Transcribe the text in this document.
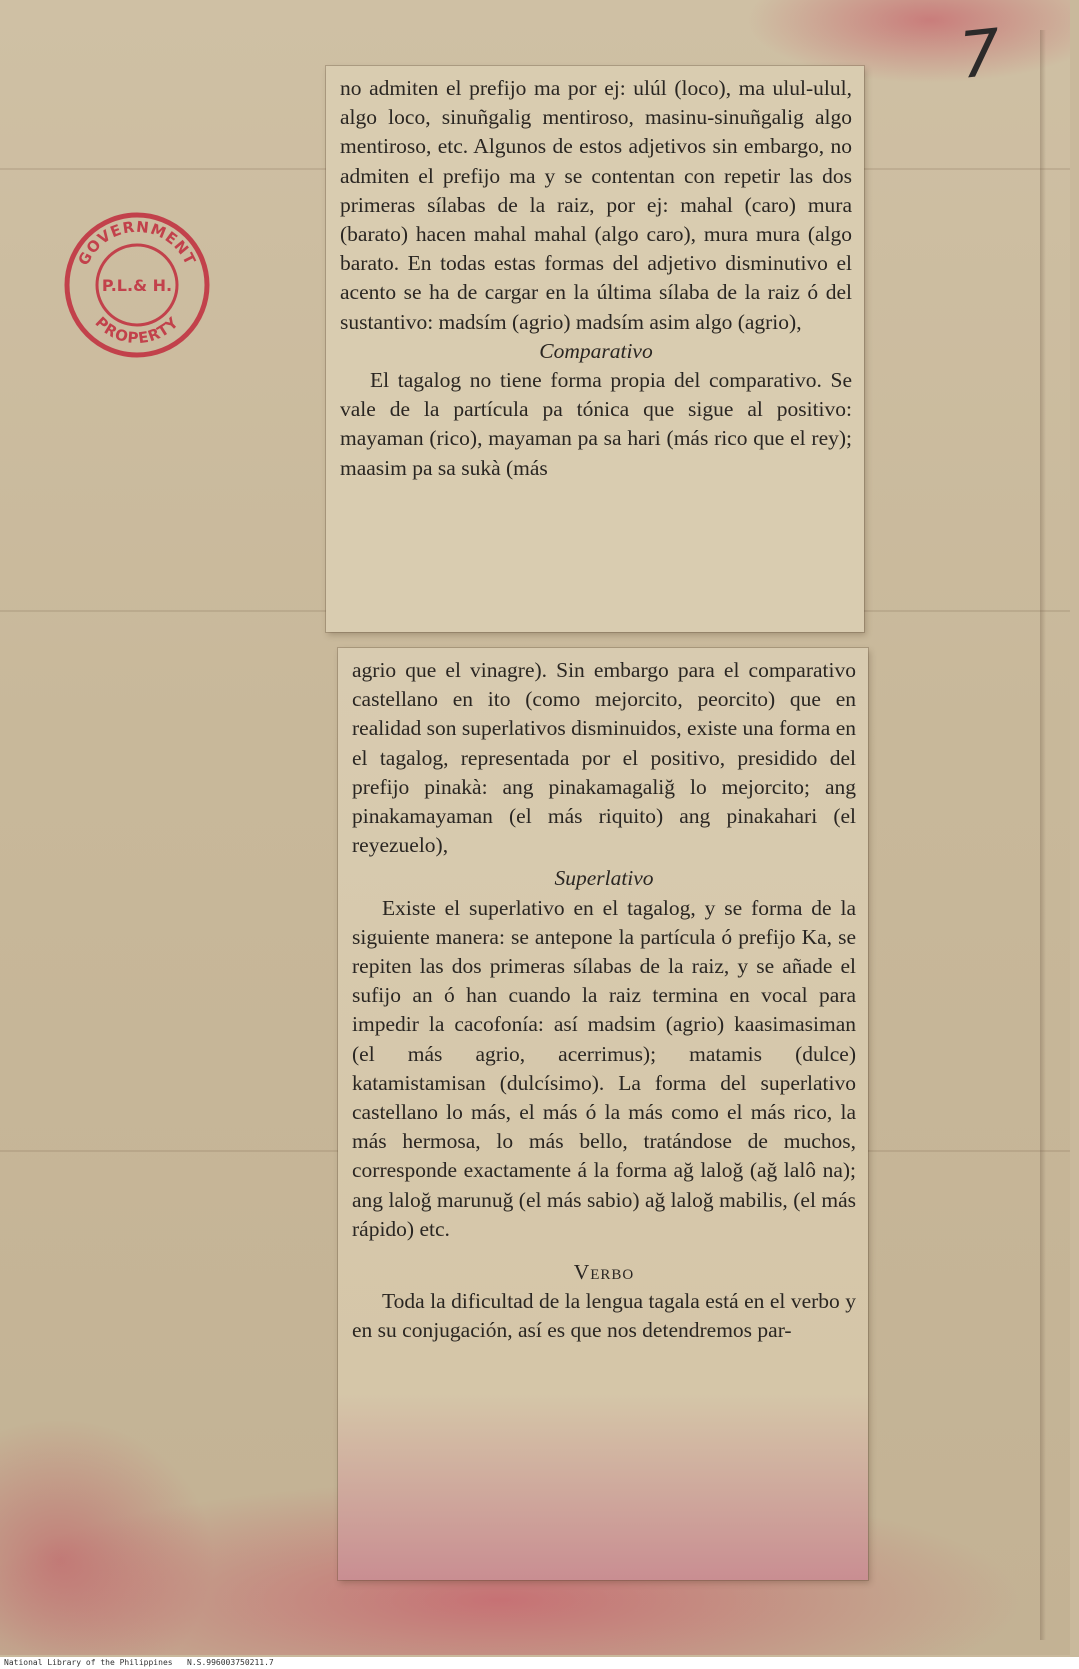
7
GOVERNMENT
P.L.& H.
PROPERTY

no admiten el prefijo ma por ej: ulúl (loco), ma ulul-ulul, algo loco, sinuñgalig mentiroso, masinu-sinuñgalig algo mentiroso, etc. Algunos de estos adjetivos sin embargo, no admiten el prefijo ma y se contentan con repetir las dos primeras sílabas de la raiz, por ej: mahal (caro) mura (barato) hacen mahal mahal (algo caro), mura mura (algo barato. En todas estas formas del adjetivo disminutivo el acento se ha de cargar en la última sílaba de la raiz ó del sustantivo: madsím (agrio) madsím asim algo (agrio),

Comparativo

El tagalog no tiene forma propia del comparativo. Se vale de la partícula pa tónica que sigue al positivo: mayaman (rico), mayaman pa sa hari (más rico que el rey); maasim pa sa sukà (más

agrio que el vinagre). Sin embargo para el comparativo castellano en ito (como mejorcito, peorcito) que en realidad son superlativos disminuidos, existe una forma en el tagalog, representada por el positivo, presidido del prefijo pinakà: ang pinakamagaliğ lo mejorcito; ang pinakamayaman (el más riquito) ang pinakahari (el reyezuelo),

Superlativo

Existe el superlativo en el tagalog, y se forma de la siguiente manera: se antepone la partícula ó prefijo Ka, se repiten las dos primeras sílabas de la raiz, y se añade el sufijo an ó han cuando la raiz termina en vocal para impedir la cacofonía: así madsim (agrio) kaasimasiman (el más agrio, acerrimus); matamis (dulce) katamistamisan (dulcísimo). La forma del superlativo castellano lo más, el más ó la más como el más rico, la más hermosa, lo más bello, tratándose de muchos, corresponde exactamente á la forma ağ laloğ (ağ lalô na); ang laloğ marunuğ (el más sabio) ağ laloğ mabilis, (el más rápido) etc.

Verbo

Toda la dificultad de la lengua tagala está en el verbo y en su conjugación, así es que nos detendremos par-

National Library of the Philippines   N.S.996003750211.7
